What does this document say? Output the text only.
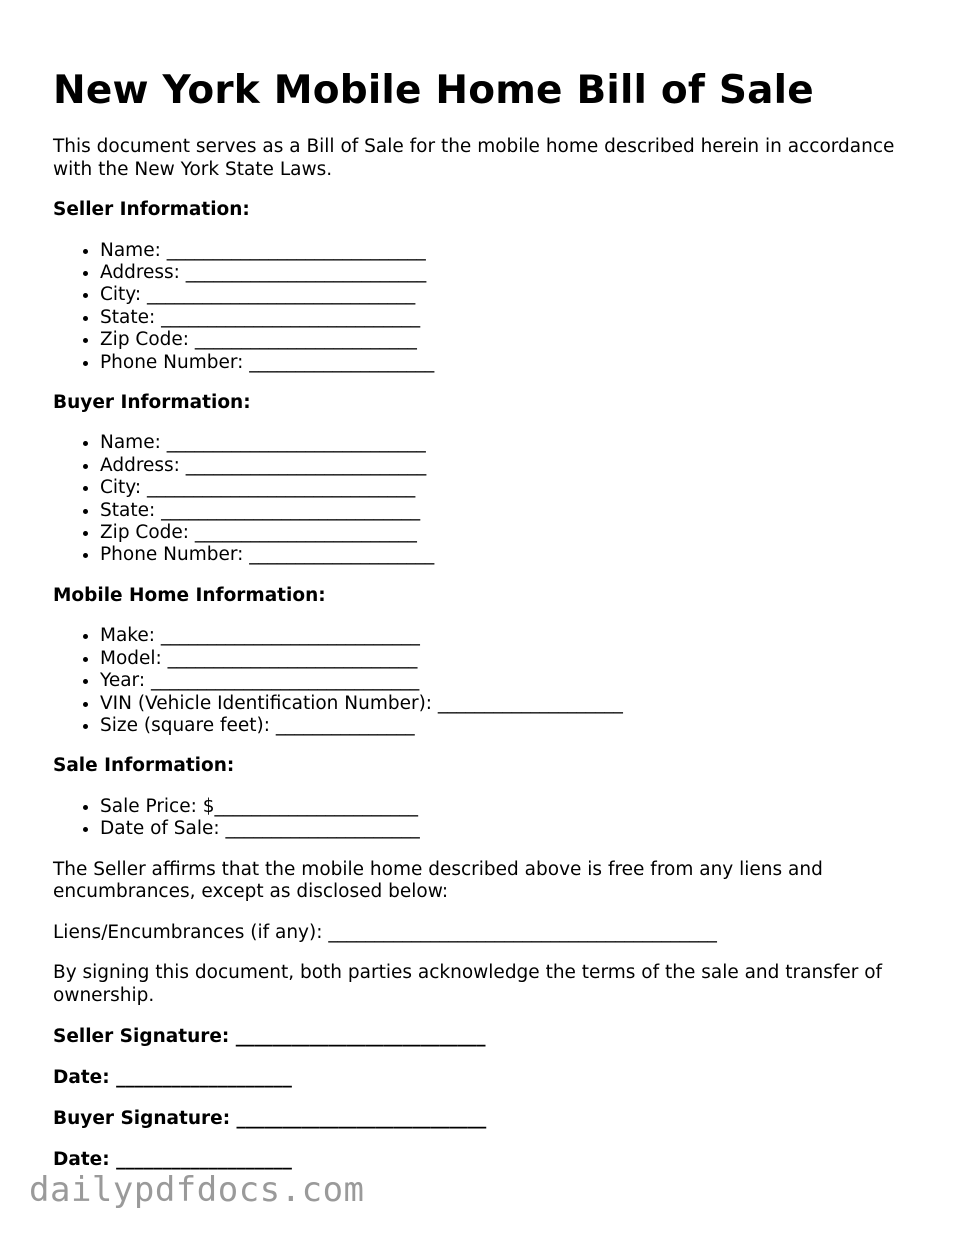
New York Mobile Home Bill of Sale

This document serves as a Bill of Sale for the mobile home described herein in accordance with the New York State Laws.

Seller Information:
• Name: ____________________________
• Address: __________________________
• City: _____________________________
• State: ____________________________
• Zip Code: ________________________
• Phone Number: ____________________
Buyer Information:
• Name: ____________________________
• Address: __________________________
• City: _____________________________
• State: ____________________________
• Zip Code: ________________________
• Phone Number: ____________________
Mobile Home Information:
• Make: ____________________________
• Model: ___________________________
• Year: _____________________________
• VIN (Vehicle Identification Number): ____________________
• Size (square feet): _______________
Sale Information:
• Sale Price: $______________________
• Date of Sale: _____________________

The Seller affirms that the mobile home described above is free from any liens and encumbrances, except as disclosed below:

Liens/Encumbrances (if any): __________________________________________

By signing this document, both parties acknowledge the terms of the sale and transfer of ownership.

Seller Signature: ___________________________
Date: ___________________
Buyer Signature: ___________________________
Date: ___________________
dailypdfdocs.com
